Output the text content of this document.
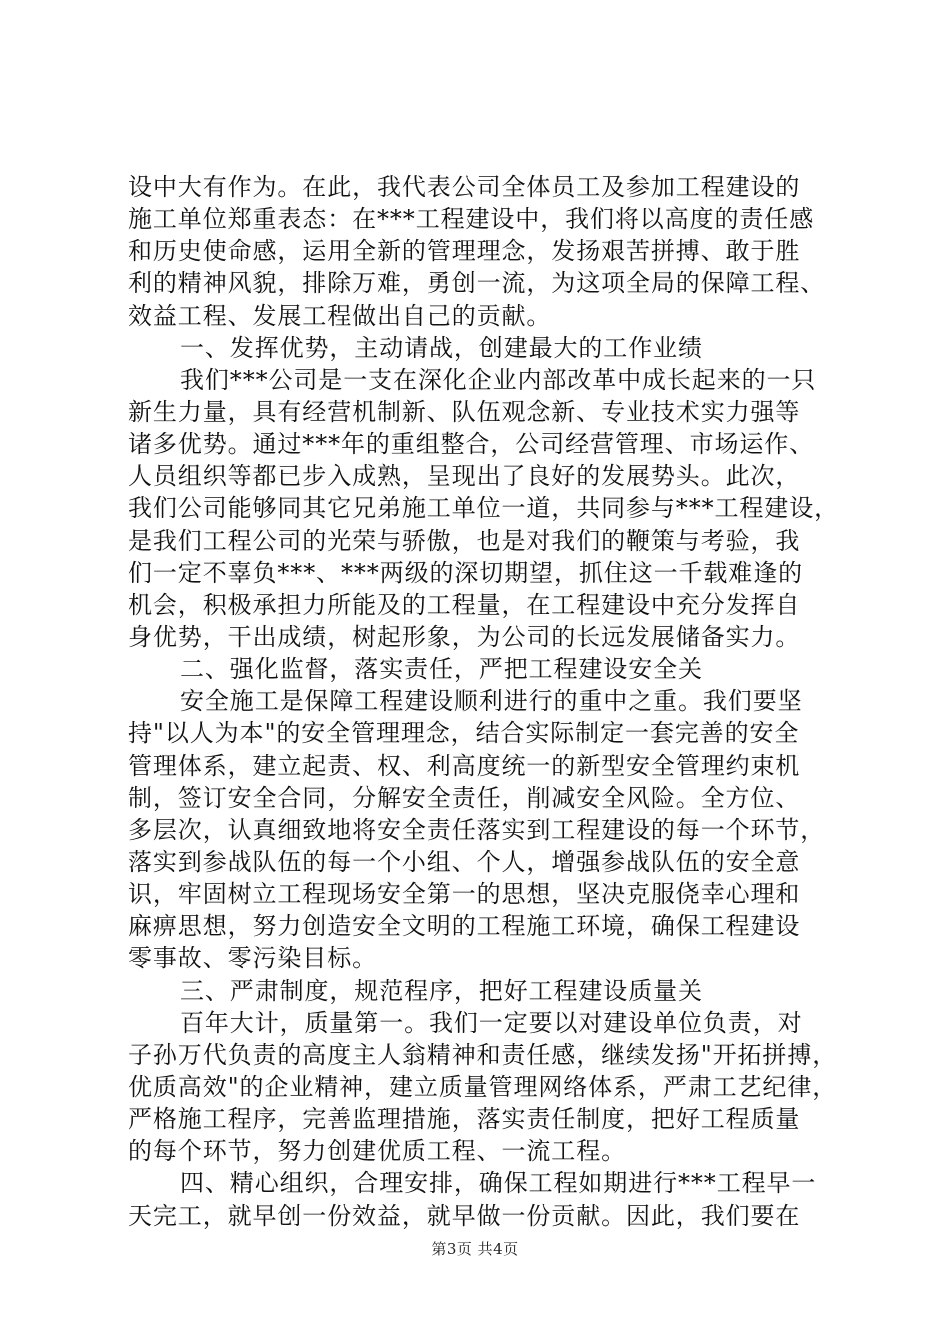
设中大有作为。在此，我代表公司全体员工及参加工程建设的
施工单位郑重表态：在***工程建设中，我们将以高度的责任感
和历史使命感，运用全新的管理理念，发扬艰苦拼搏、敢于胜
利的精神风貌，排除万难，勇创一流，为这项全局的保障工程、
效益工程、发展工程做出自己的贡献。
一、发挥优势，主动请战，创建最大的工作业绩
我们***公司是一支在深化企业内部改革中成长起来的一只
新生力量，具有经营机制新、队伍观念新、专业技术实力强等
诸多优势。通过***年的重组整合，公司经营管理、市场运作、
人员组织等都已步入成熟，呈现出了良好的发展势头。此次，
我们公司能够同其它兄弟施工单位一道，共同参与***工程建设，
是我们工程公司的光荣与骄傲，也是对我们的鞭策与考验，我
们一定不辜负***、***两级的深切期望，抓住这一千载难逢的
机会，积极承担力所能及的工程量，在工程建设中充分发挥自
身优势，干出成绩，树起形象，为公司的长远发展储备实力。
二、强化监督，落实责任，严把工程建设安全关
安全施工是保障工程建设顺利进行的重中之重。我们要坚
持"以人为本"的安全管理理念，结合实际制定一套完善的安全
管理体系，建立起责、权、利高度统一的新型安全管理约束机
制，签订安全合同，分解安全责任，削减安全风险。全方位、
多层次，认真细致地将安全责任落实到工程建设的每一个环节，
落实到参战队伍的每一个小组、个人，增强参战队伍的安全意
识，牢固树立工程现场安全第一的思想，坚决克服侥幸心理和
麻痹思想，努力创造安全文明的工程施工环境，确保工程建设
零事故、零污染目标。
三、严肃制度，规范程序，把好工程建设质量关
百年大计，质量第一。我们一定要以对建设单位负责，对
子孙万代负责的高度主人翁精神和责任感，继续发扬"开拓拼搏，
优质高效"的企业精神，建立质量管理网络体系，严肃工艺纪律，
严格施工程序，完善监理措施，落实责任制度，把好工程质量
的每个环节，努力创建优质工程、一流工程。
四、精心组织，合理安排，确保工程如期进行***工程早一
天完工，就早创一份效益，就早做一份贡献。因此，我们要在
第3页 共4页
